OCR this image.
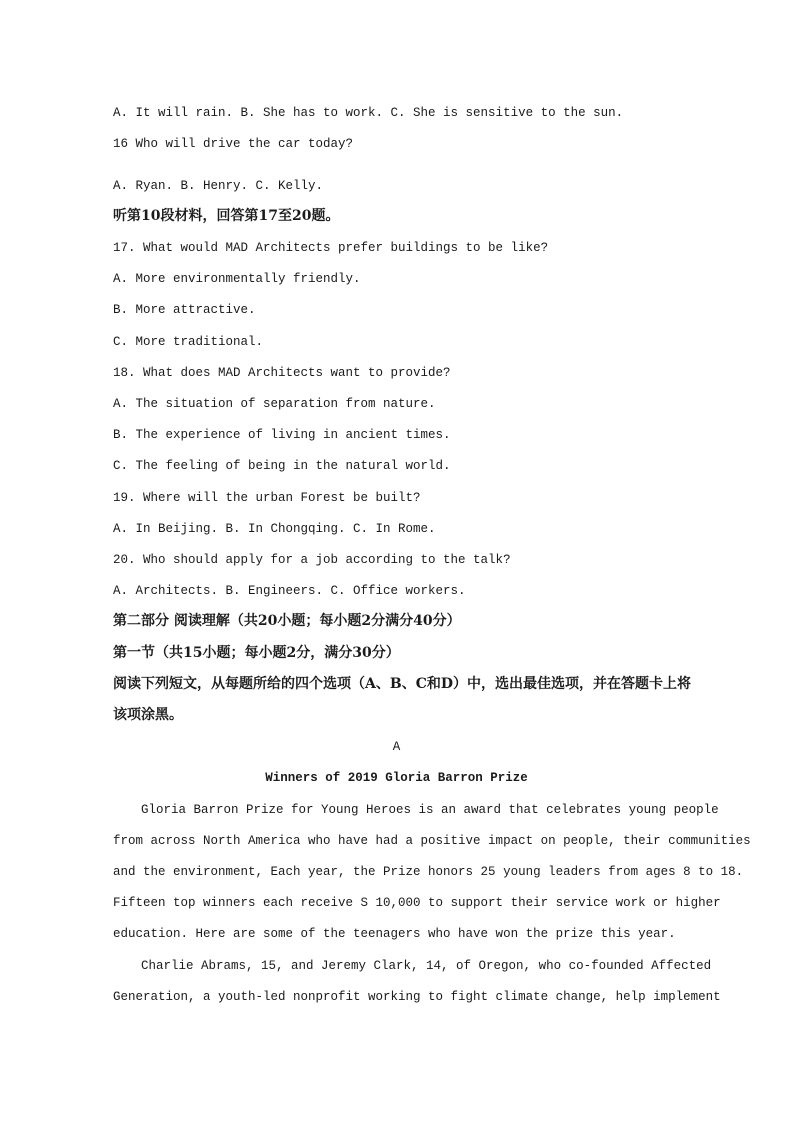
A. It will rain. B. She has to work. C. She is sensitive to the sun.
16 Who will drive the car today?
A. Ryan. B. Henry. C. Kelly.
听第10段材料，回答第17至20题。
17. What would MAD Architects prefer buildings to be like?
A. More environmentally friendly.
B. More attractive.
C. More traditional.
18. What does MAD Architects want to provide?
A. The situation of separation from nature.
B. The experience of living in ancient times.
C. The feeling of being in the natural world.
19. Where will the urban Forest be built?
A. In Beijing. B. In Chongqing. C. In Rome.
20. Who should apply for a job according to the talk?
A. Architects. B. Engineers. C. Office workers.
第二部分 阅读理解（共20小题；每小题2分满分40分）
第一节（共15小题；每小题2分，满分30分）
阅读下列短文，从每题所给的四个选项（A、B、C和D）中，选出最佳选项，并在答题卡上将
该项涂黑。
A
Winners of 2019 Gloria Barron Prize
Gloria Barron Prize for Young Heroes is an award that celebrates young people
from across North America who have had a positive impact on people, their communities
and the environment, Each year, the Prize honors 25 young leaders from ages 8 to 18.
Fifteen top winners each receive S 10,000 to support their service work or higher
education. Here are some of the teenagers who have won the prize this year.
Charlie Abrams, 15, and Jeremy Clark, 14, of Oregon, who co-founded Affected
Generation, a youth-led nonprofit working to fight climate change, help implement
